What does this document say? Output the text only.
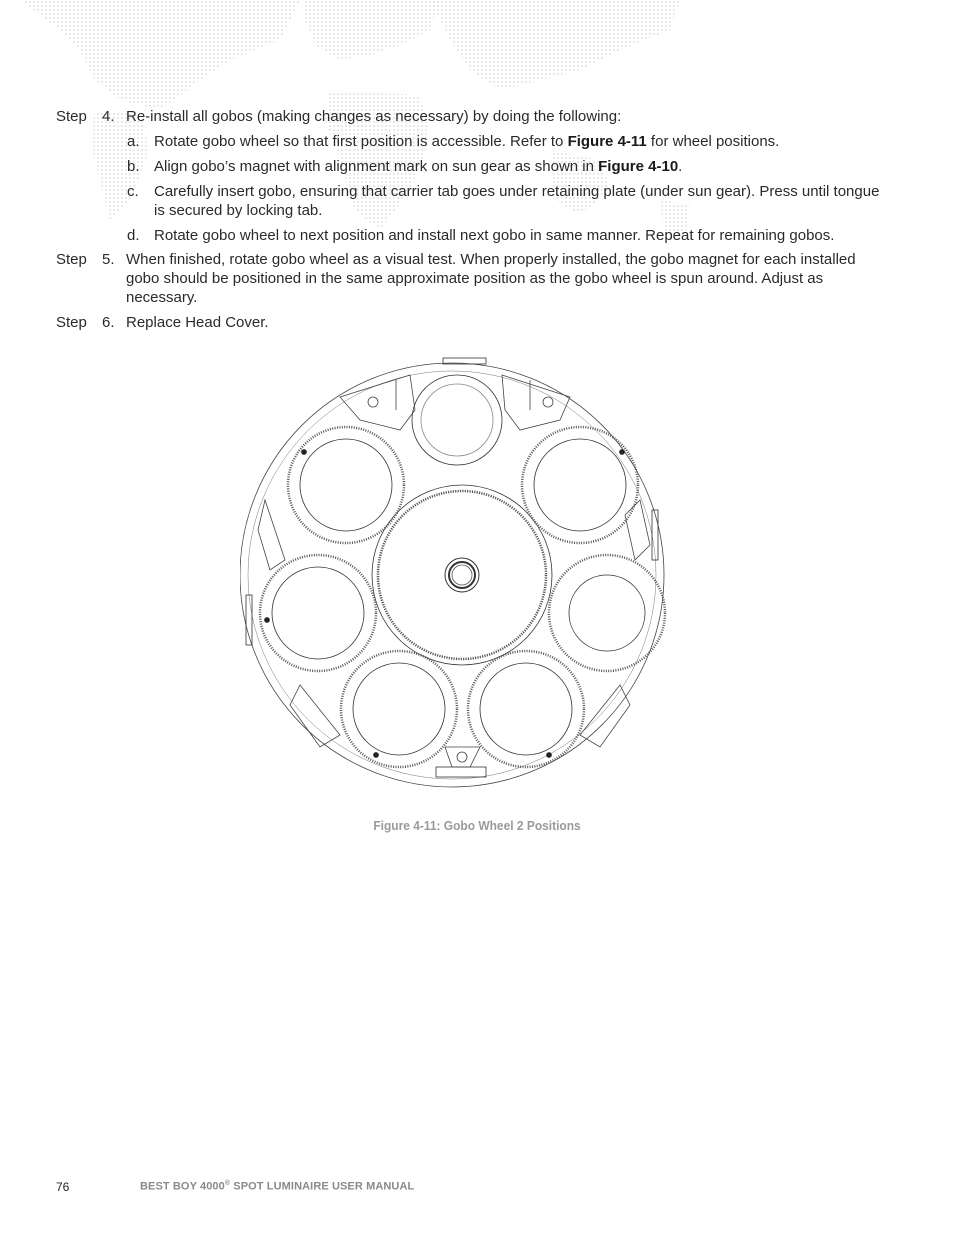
Step 4. Re-install all gobos (making changes as necessary) by doing the following:
a. Rotate gobo wheel so that first position is accessible. Refer to Figure 4-11 for wheel positions.
b. Align gobo’s magnet with alignment mark on sun gear as shown in Figure 4-10.
c. Carefully insert gobo, ensuring that carrier tab goes under retaining plate (under sun gear). Press until tongue is secured by locking tab.
d. Rotate gobo wheel to next position and install next gobo in same manner. Repeat for remaining gobos.
Step 5. When finished, rotate gobo wheel as a visual test. When properly installed, the gobo magnet for each installed gobo should be positioned in the same approximate position as the gobo wheel is spun around. Adjust as necessary.
Step 6. Replace Head Cover.
Figure 4-11: Gobo Wheel 2 Positions
76	BEST BOY 4000® SPOT LUMINAIRE USER MANUAL
